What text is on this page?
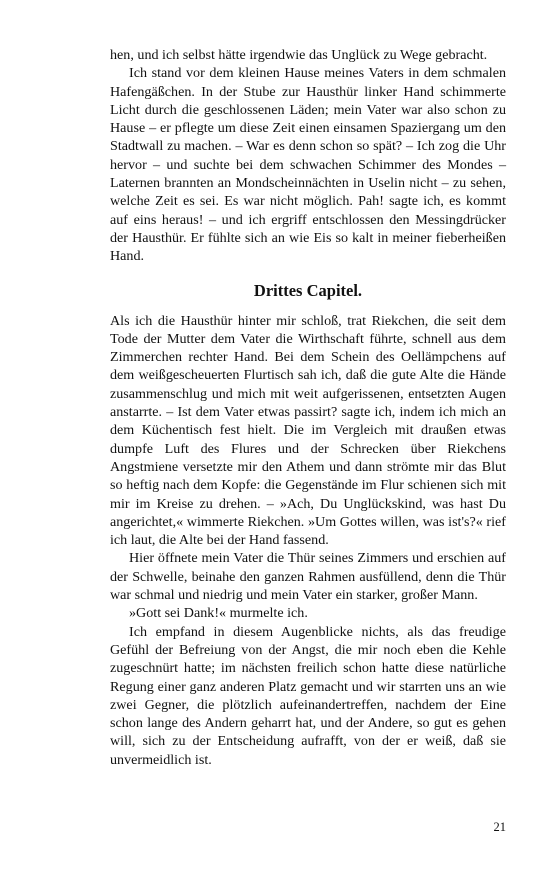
hen, und ich selbst hätte irgendwie das Unglück zu Wege gebracht.

Ich stand vor dem kleinen Hause meines Vaters in dem schmalen Hafengäßchen. In der Stube zur Hausthür linker Hand schimmerte Licht durch die geschlossenen Läden; mein Vater war also schon zu Hause – er pflegte um diese Zeit einen einsamen Spaziergang um den Stadtwall zu machen. – War es denn schon so spät? – Ich zog die Uhr hervor – und suchte bei dem schwachen Schimmer des Mondes – Laternen brannten an Mondscheinnächten in Uselin nicht – zu sehen, welche Zeit es sei. Es war nicht möglich. Pah! sagte ich, es kommt auf eins heraus! – und ich ergriff entschlossen den Messingdrücker der Hausthür. Er fühlte sich an wie Eis so kalt in meiner fieberheißen Hand.

Drittes Capitel.

Als ich die Hausthür hinter mir schloß, trat Riekchen, die seit dem Tode der Mutter dem Vater die Wirthschaft führte, schnell aus dem Zimmerchen rechter Hand. Bei dem Schein des Oellämpchens auf dem weißgescheuerten Flurtisch sah ich, daß die gute Alte die Hände zusammenschlug und mich mit weit aufgerissenen, entsetzten Augen anstarrte. – Ist dem Vater etwas passirt? sagte ich, indem ich mich an dem Küchentisch fest hielt. Die im Vergleich mit draußen etwas dumpfe Luft des Flures und der Schrecken über Riekchens Angstmiene versetzte mir den Athem und dann strömte mir das Blut so heftig nach dem Kopfe: die Gegenstände im Flur schienen sich mit mir im Kreise zu drehen. – »Ach, Du Unglückskind, was hast Du angerichtet,« wimmerte Riekchen. »Um Gottes willen, was ist's?« rief ich laut, die Alte bei der Hand fassend.

Hier öffnete mein Vater die Thür seines Zimmers und erschien auf der Schwelle, beinahe den ganzen Rahmen ausfüllend, denn die Thür war schmal und niedrig und mein Vater ein starker, großer Mann.

»Gott sei Dank!« murmelte ich.

Ich empfand in diesem Augenblicke nichts, als das freudige Gefühl der Befreiung von der Angst, die mir noch eben die Kehle zugeschnürt hatte; im nächsten freilich schon hatte diese natürliche Regung einer ganz anderen Platz gemacht und wir starrten uns an wie zwei Gegner, die plötzlich aufeinandertreffen, nachdem der Eine schon lange des Andern geharrt hat, und der Andere, so gut es gehen will, sich zu der Entscheidung aufrafft, von der er weiß, daß sie unvermeidlich ist.

21
